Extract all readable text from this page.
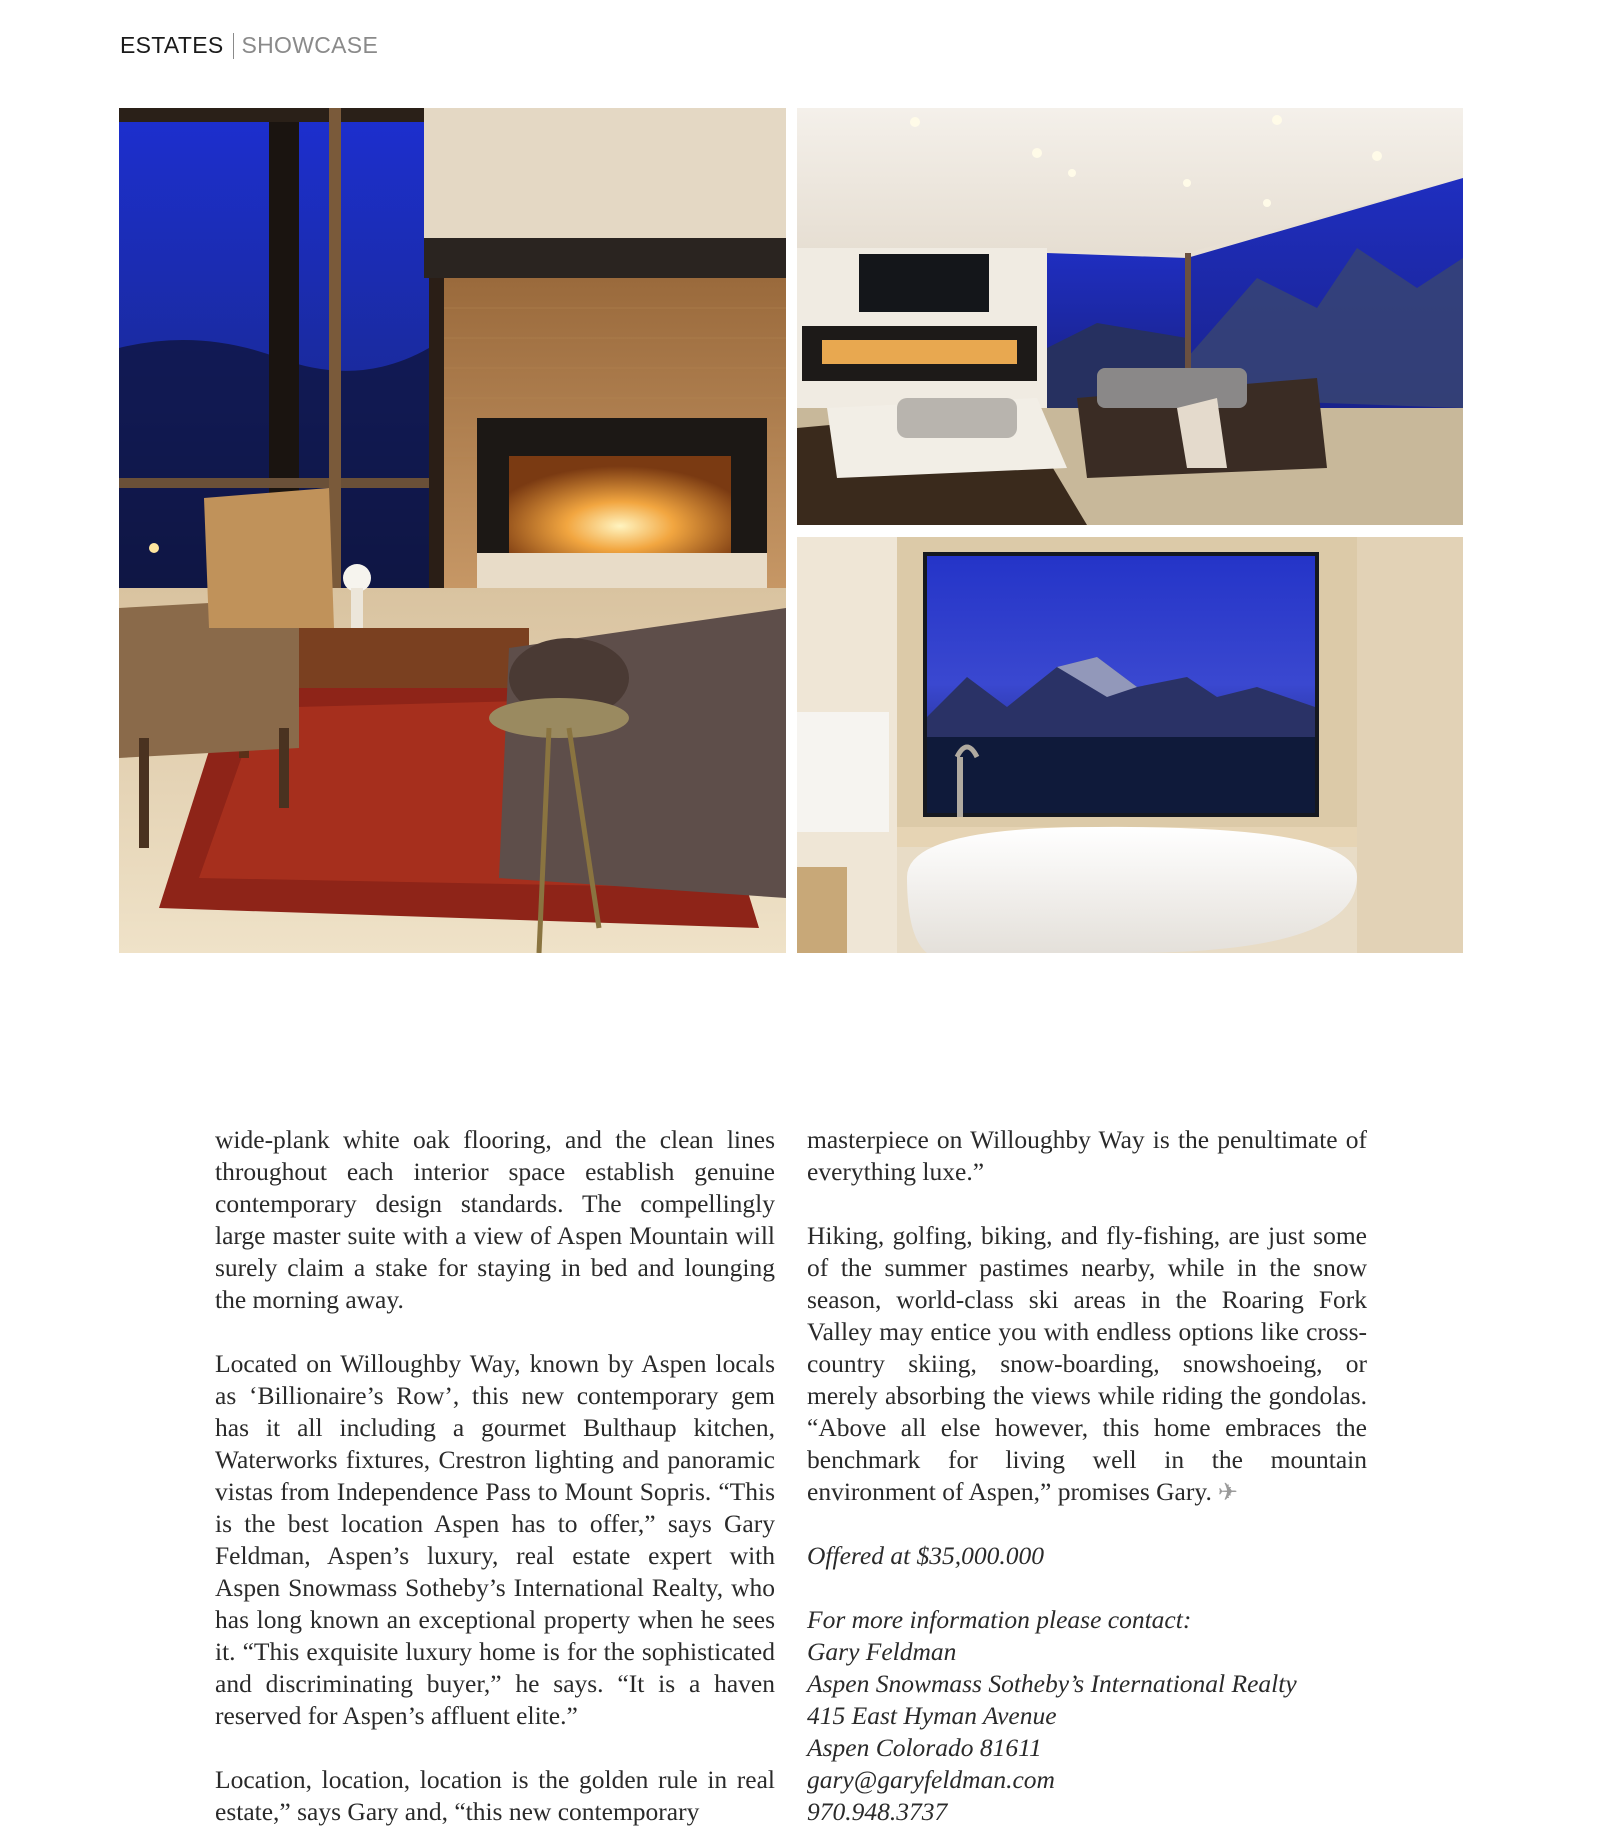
ESTATES SHOWCASE

wide-plank white oak flooring, and the clean lines throughout each interior space establish genuine contemporary design standards. The compellingly large master suite with a view of Aspen Mountain will surely claim a stake for staying in bed and lounging the morning away.

Located on Willoughby Way, known by Aspen locals as ‘Billionaire’s Row’, this new contemporary gem has it all including a gourmet Bulthaup kitchen, Waterworks fixtures, Crestron lighting and panoramic vistas from Independence Pass to Mount Sopris. “This is the best location Aspen has to offer,” says Gary Feldman, Aspen’s luxury, real estate expert with Aspen Snowmass Sotheby’s International Realty, who has long known an exceptional property when he sees it. “This exquisite luxury home is for the sophisticated and discriminating buyer,” he says. “It is a haven reserved for Aspen’s affluent elite.”

Location, location, location is the golden rule in real estate,” says Gary and, “this new contemporary

masterpiece on Willoughby Way is the penultimate of everything luxe.”

Hiking, golfing, biking, and fly-fishing, are just some of the summer pastimes nearby, while in the snow season, world-class ski areas in the Roaring Fork Valley may entice you with endless options like cross-country skiing, snow-boarding, snowshoeing, or merely absorbing the views while riding the gondolas. “Above all else however, this home embraces the benchmark for living well in the mountain environment of Aspen,” promises Gary. ✈

Offered at $35,000.000

For more information please contact:
Gary Feldman
Aspen Snowmass Sotheby’s International Realty
415 East Hyman Avenue
Aspen Colorado 81611
gary@garyfeldman.com
970.948.3737
